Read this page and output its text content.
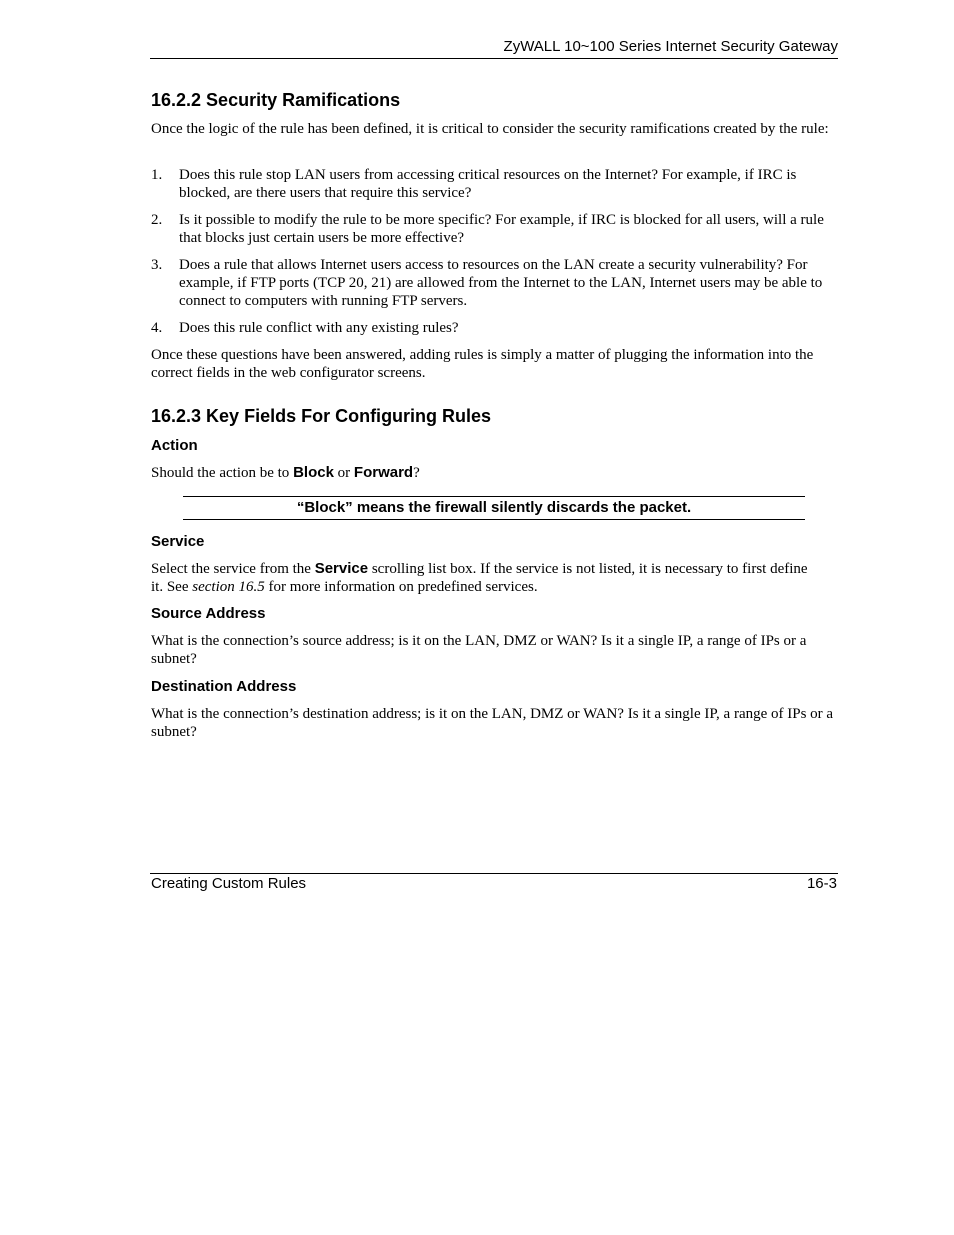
ZyWALL 10~100 Series Internet Security Gateway
16.2.2 Security Ramifications

Once the logic of the rule has been defined, it is critical to consider the security ramifications created by the rule:

1. Does this rule stop LAN users from accessing critical resources on the Internet? For example, if IRC is blocked, are there users that require this service?
2. Is it possible to modify the rule to be more specific? For example, if IRC is blocked for all users, will a rule that blocks just certain users be more effective?
3. Does a rule that allows Internet users access to resources on the LAN create a security vulnerability? For example, if FTP ports (TCP 20, 21) are allowed from the Internet to the LAN, Internet users may be able to connect to computers with running FTP servers.
4. Does this rule conflict with any existing rules?

Once these questions have been answered, adding rules is simply a matter of plugging the information into the correct fields in the web configurator screens.

16.2.3 Key Fields For Configuring Rules
Action

Should the action be to Block or Forward?

“Block” means the firewall silently discards the packet.
Service

Select the service from the Service scrolling list box. If the service is not listed, it is necessary to first define
it. See section 16.5 for more information on predefined services.

Source Address

What is the connection’s source address; is it on the LAN, DMZ or WAN? Is it a single IP, a range of IPs or a subnet?

Destination Address

What is the connection’s destination address; is it on the LAN, DMZ or WAN? Is it a single IP, a range of IPs or a subnet?

Creating Custom Rules	16-3
